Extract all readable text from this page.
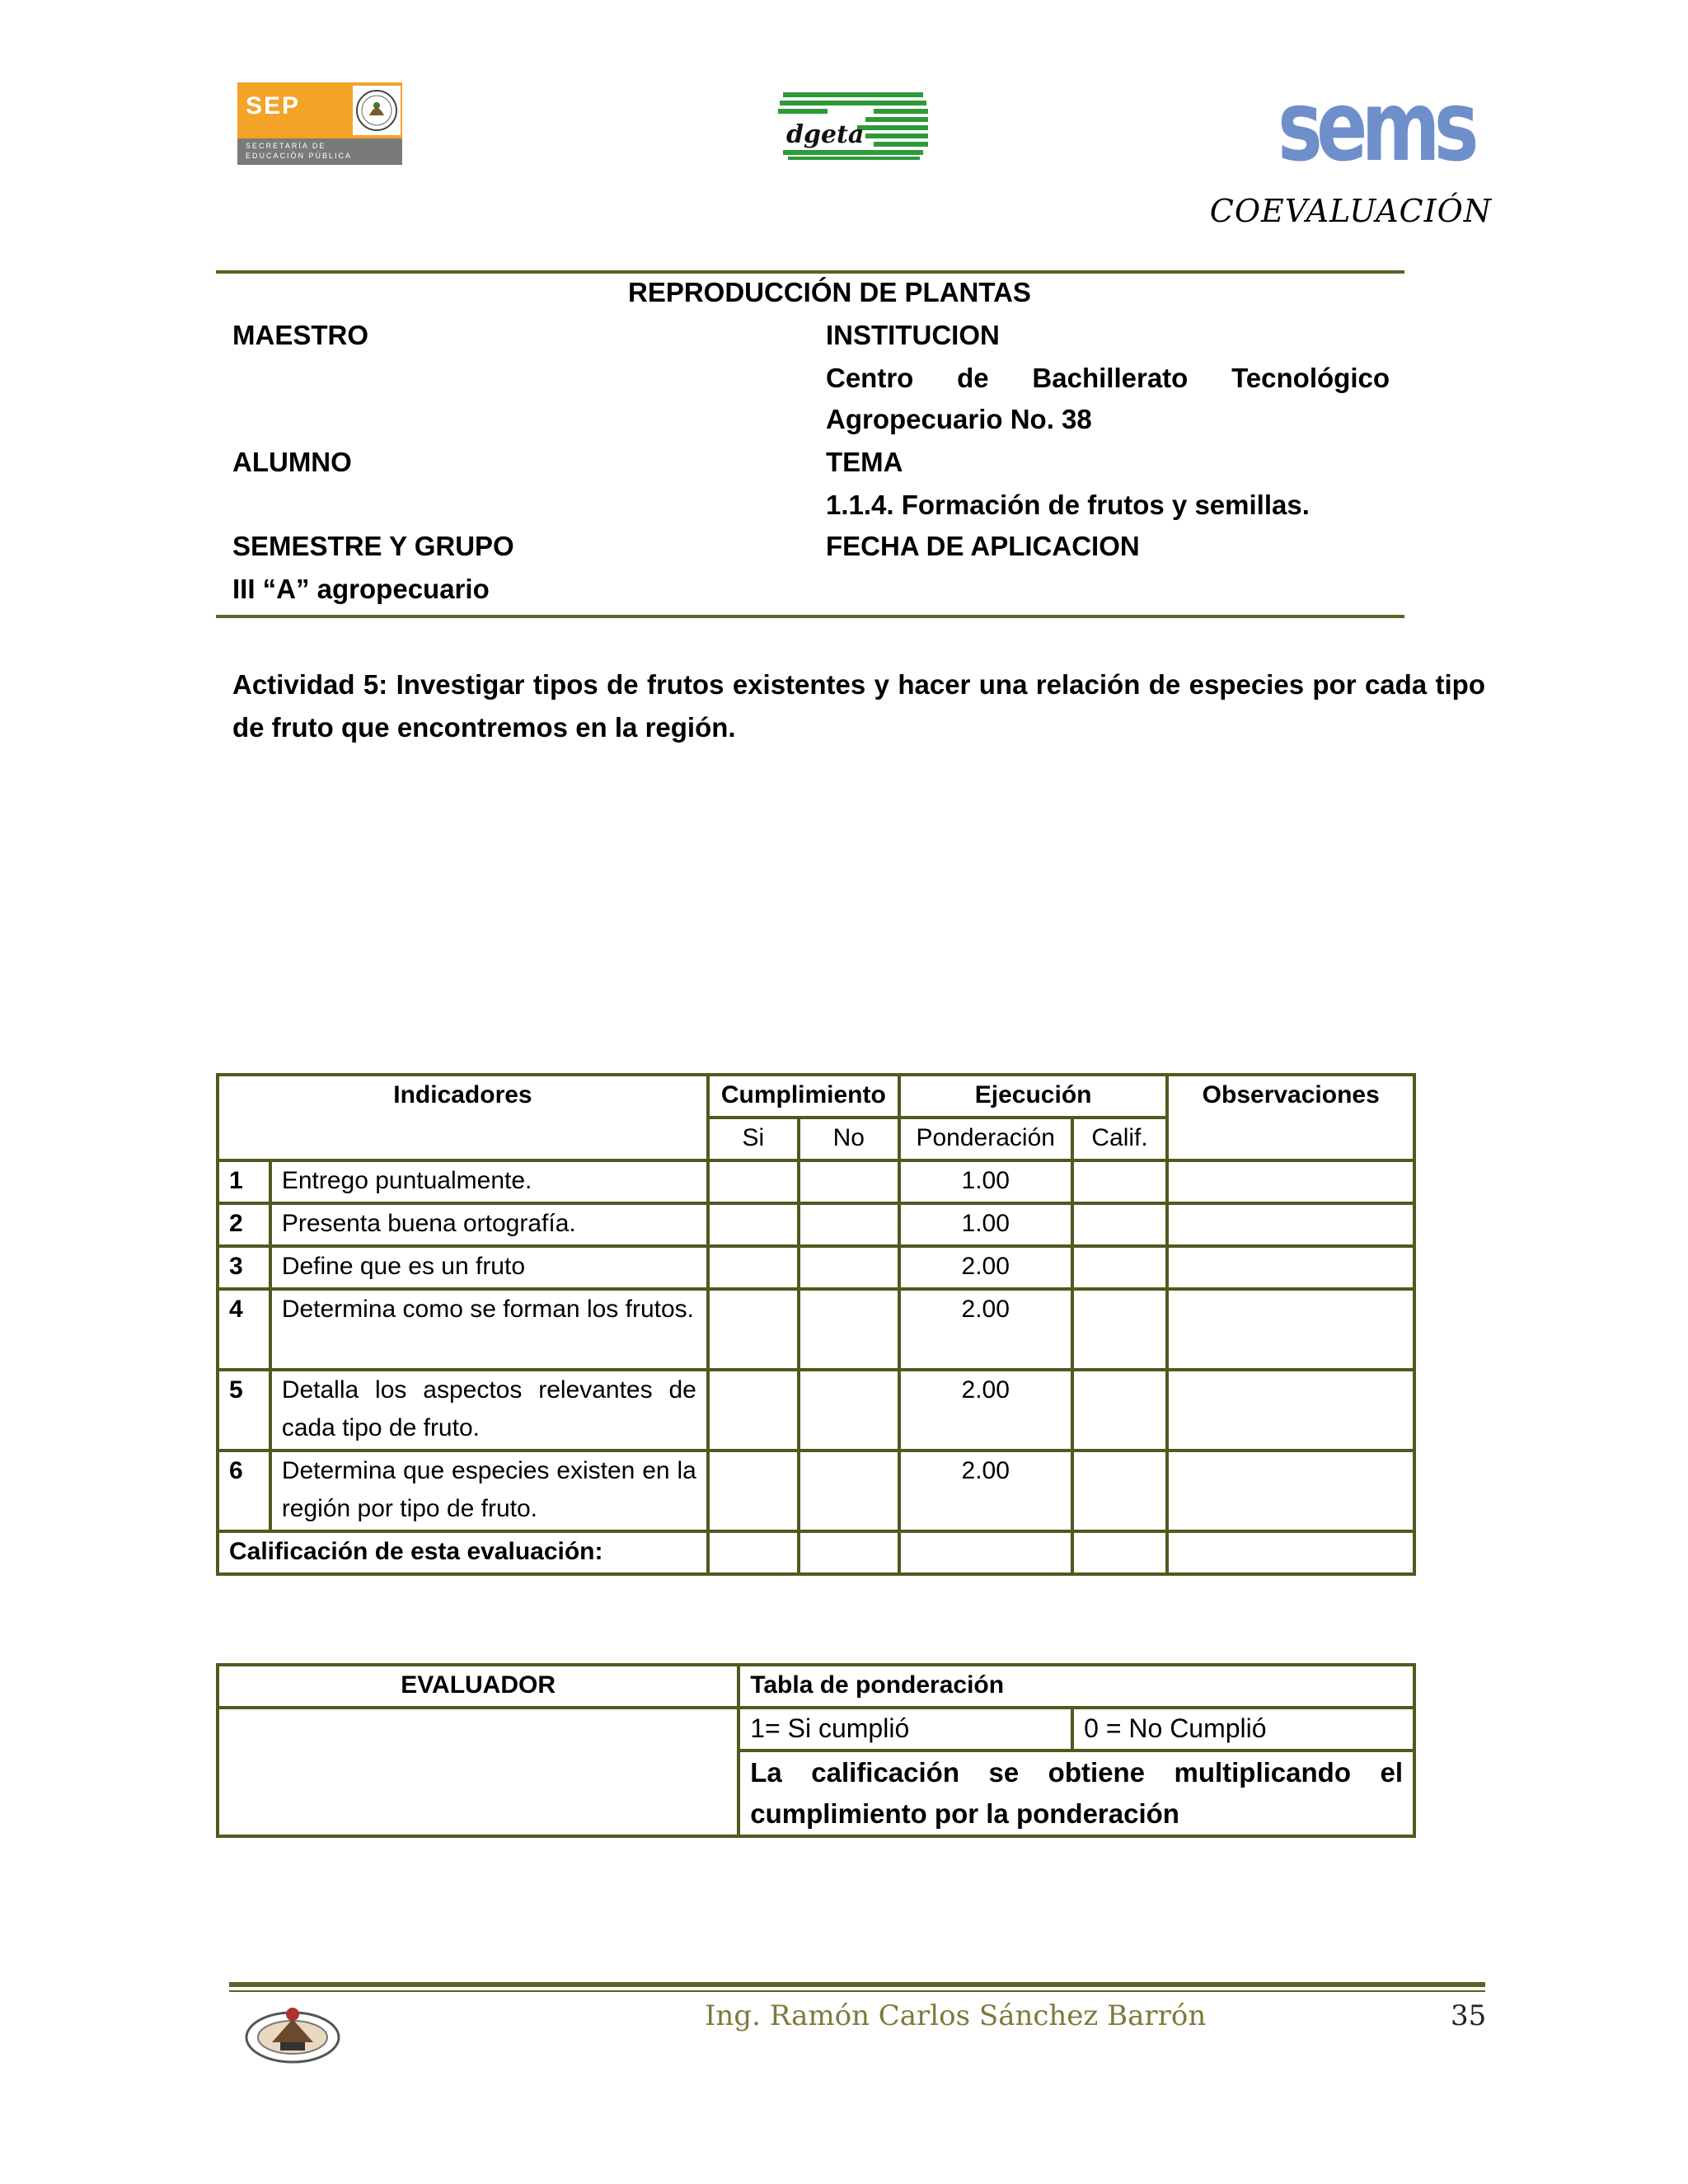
SEP
SECRETARÍA DE
EDUCACIÓN PÚBLICA
dgeta	sems
COEVALUACIÓN
REPRODUCCIÓN DE PLANTAS
MAESTRO	INSTITUCION
Centro de Bachillerato Tecnológico
Agropecuario No. 38
ALUMNO	TEMA
1.1.4. Formación de frutos y semillas.
SEMESTRE Y GRUPO	FECHA DE APLICACION
III “A” agropecuario
Actividad 5: Investigar tipos de frutos existentes y hacer una relación de especies por cada tipo de fruto que encontremos en la región.
Indicadores		Cumplimiento		Ejecución		Observaciones
		Si	No	Ponderación	Calif.	
1	Entrego puntualmente.			1.00		
2	Presenta buena ortografía.			1.00		
3	Define que es un fruto			2.00		
4	Determina como se forman los frutos.			2.00		
5	Detalla los aspectos relevantes de cada tipo de fruto.			2.00		
6	Determina que especies existen en la región por tipo de fruto.			2.00		
Calificación de esta evaluación:						
EVALUADOR	Tabla de ponderación	
	1= Si cumplió	0 = No Cumplió
	La calificación se obtiene multiplicando el cumplimiento por la ponderación	
Ing. Ramón Carlos Sánchez Barrón	35
